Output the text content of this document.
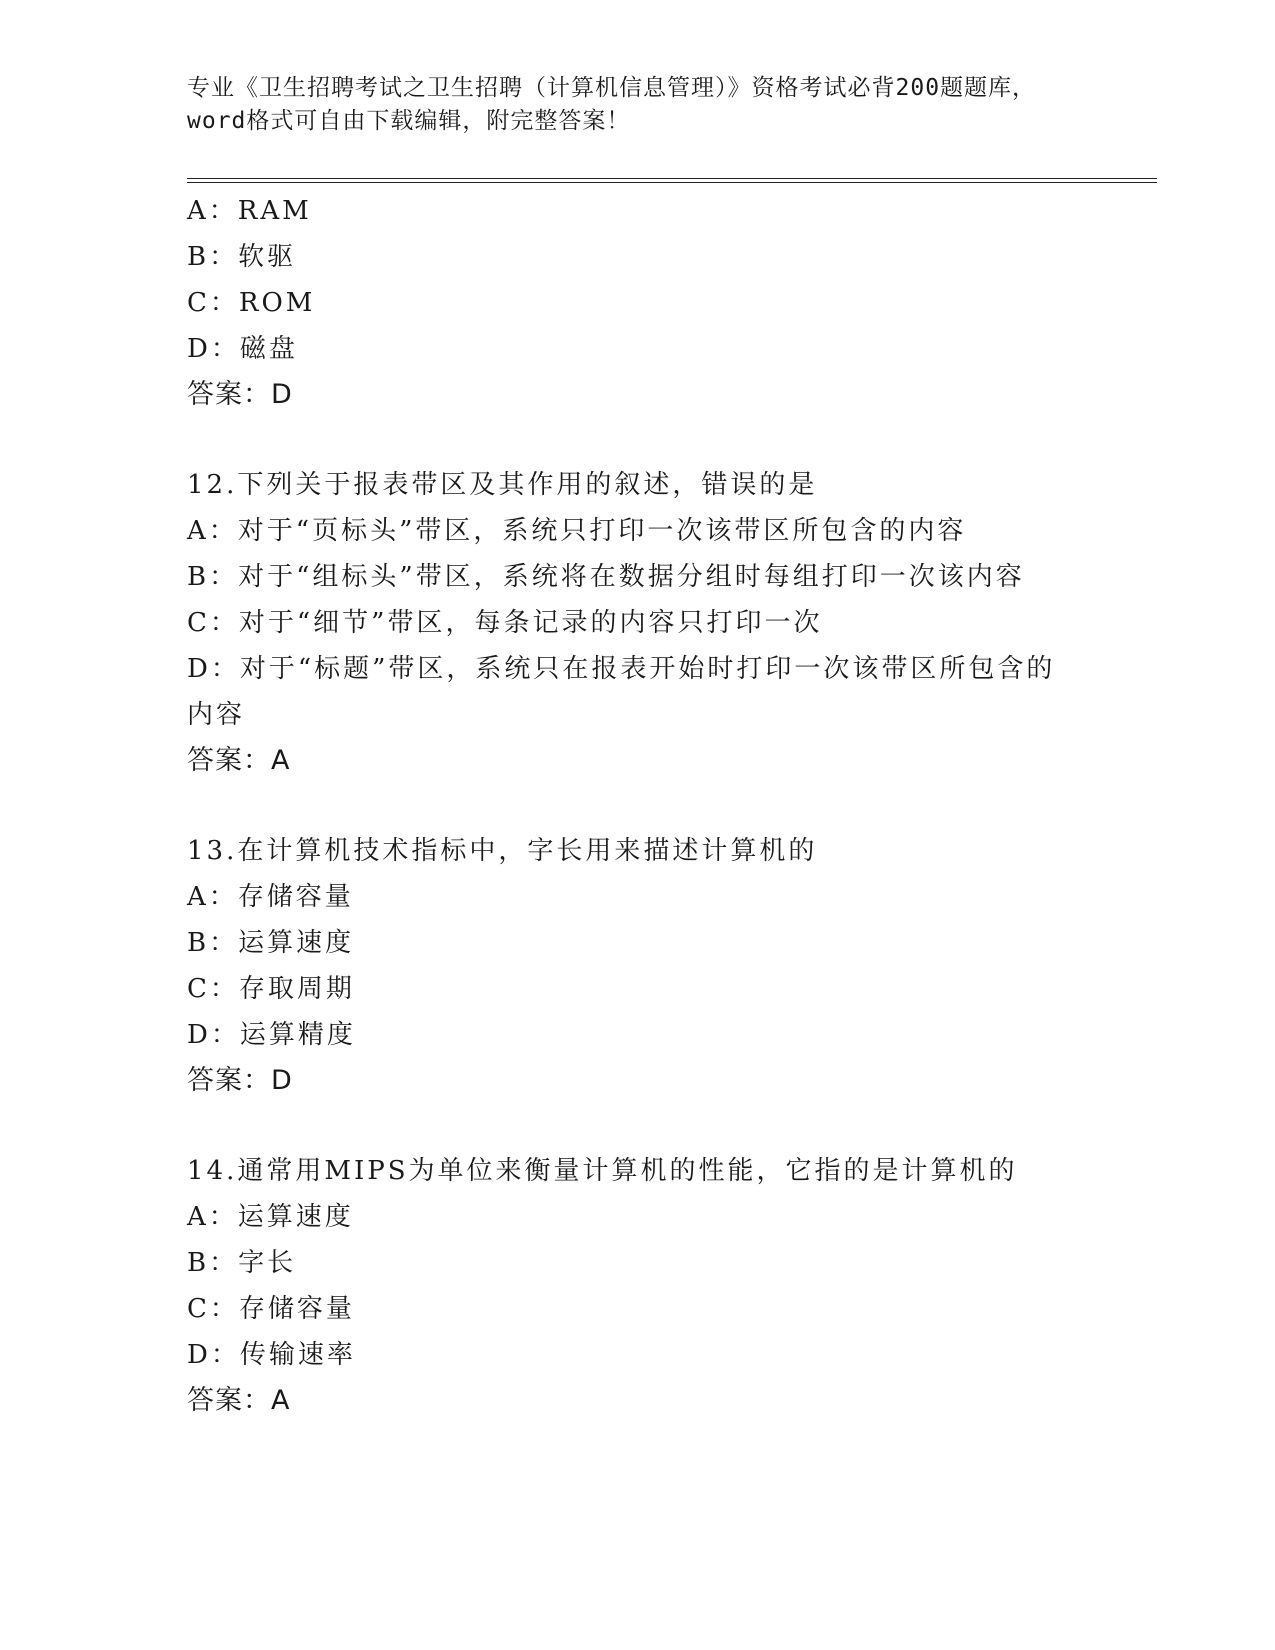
专业《卫生招聘考试之卫生招聘（计算机信息管理）》资格考试必背200题题库，
word格式可自由下载编辑，附完整答案！
A：RAM
B：软驱
C：ROM
D：磁盘
答案：D
12.下列关于报表带区及其作用的叙述，错误的是
A：对于“页标头”带区，系统只打印一次该带区所包含的内容
B：对于“组标头”带区，系统将在数据分组时每组打印一次该内容
C：对于“细节”带区，每条记录的内容只打印一次
D：对于“标题”带区，系统只在报表开始时打印一次该带区所包含的
内容
答案：A
13.在计算机技术指标中，字长用来描述计算机的
A：存储容量
B：运算速度
C：存取周期
D：运算精度
答案：D
14.通常用MIPS为单位来衡量计算机的性能，它指的是计算机的
A：运算速度
B：字长
C：存储容量
D：传输速率
答案：A
